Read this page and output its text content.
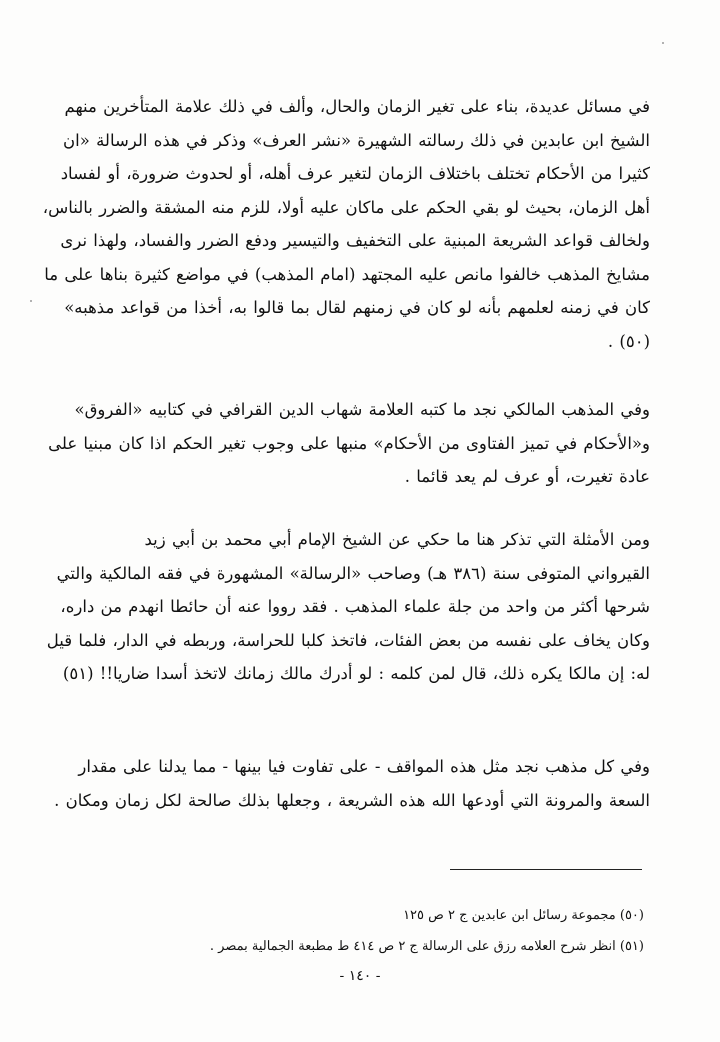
في مسائل عديدة، بناء على تغير الزمان والحال، وألف في ذلك علامة المتأخرين منهم
الشيخ ابن عابدين في ذلك رسالته الشهيرة «نشر العرف» وذكر في هذه الرسالة «ان
كثيرا من الأحكام تختلف باختلاف الزمان لتغير عرف أهله، أو لحدوث ضرورة، أو لفساد
أهل الزمان، بحيث لو بقي الحكم على ماكان عليه أولا، للزم منه المشقة والضرر بالناس،
ولخالف قواعد الشريعة المبنية على التخفيف والتيسير ودفع الضرر والفساد، ولهذا نرى
مشايخ المذهب خالفوا مانص عليه المجتهد (امام المذهب) في مواضع كثيرة بناها على ما
كان في زمنه لعلمهم بأنه لو كان في زمنهم لقال بما قالوا به، أخذا من قواعد مذهبه»
(٥٠) .
وفي المذهب المالكي نجد ما كتبه العلامة شهاب الدين القرافي في كتابيه «الفروق»
و«الأحكام في تميز الفتاوى من الأحكام» منبها على وجوب تغير الحكم اذا كان مبنيا على
عادة تغيرت، أو عرف لم يعد قائما .
ومن الأمثلة التي تذكر هنا ما حكي عن الشيخ الإمام أبي محمد بن أبي زيد
القيرواني المتوفى سنة (٣٨٦ هـ) وصاحب «الرسالة» المشهورة في فقه المالكية والتي
شرحها أكثر من واحد من جلة علماء المذهب . فقد رووا عنه أن حائطا انهدم من داره،
وكان يخاف على نفسه من بعض الفئات، فاتخذ كلبا للحراسة، وربطه في الدار، فلما قيل
له: إن مالكا يكره ذلك، قال لمن كلمه : لو أدرك مالك زمانك لاتخذ أسدا ضاريا!! (٥١)
وفي كل مذهب نجد مثل هذه المواقف - على تفاوت فيا بينها - مما يدلنا على مقدار
السعة والمرونة التي أودعها الله هذه الشريعة ، وجعلها بذلك صالحة لكل زمان ومكان .
(٥٠) مجموعة رسائل ابن عابدين ج ٢ ص ١٢٥
(٥١) انظر شرح العلامه رزق على الرسالة ج ٢ ص ٤١٤ ط مطبعة الجمالية بمصر .
- ١٤٠ -
